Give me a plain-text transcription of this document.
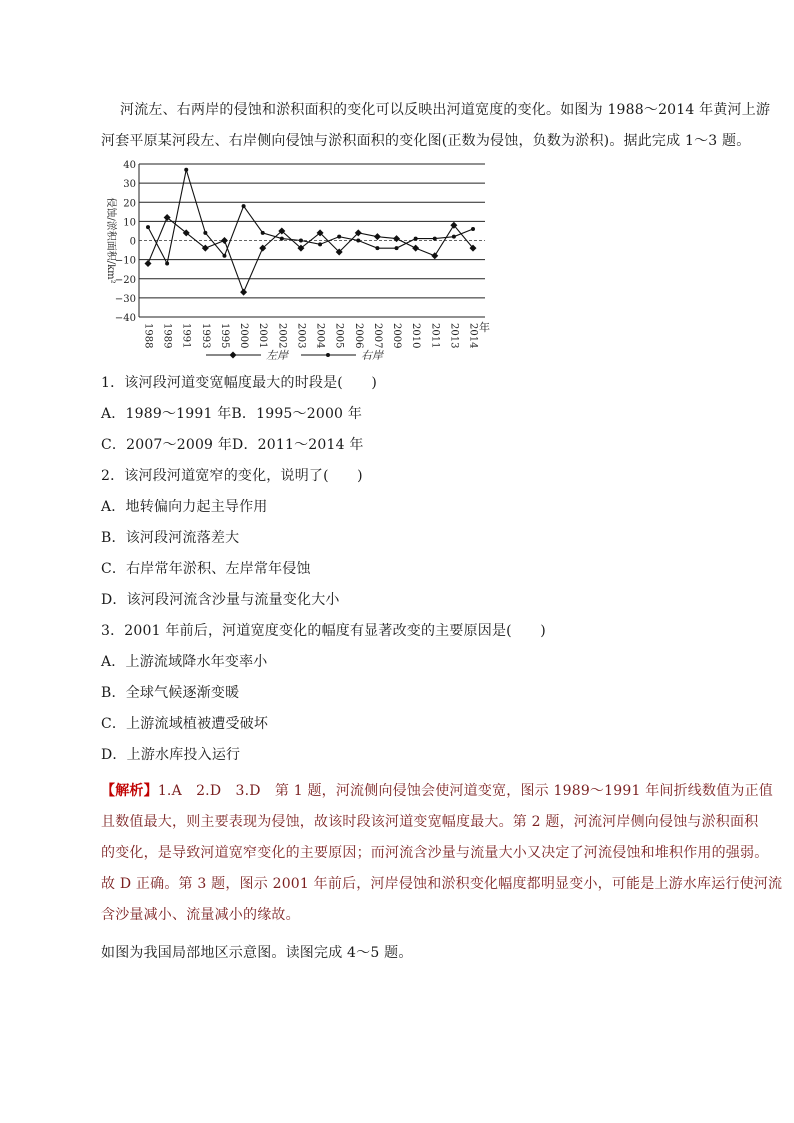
河流左、右两岸的侵蚀和淤积面积的变化可以反映出河道宽度的变化。如图为 1988～2014 年黄河上游
河套平原某河段左、右岸侧向侵蚀与淤积面积的变化图(正数为侵蚀，负数为淤积)。据此完成 1～3 题。
40
30
20
10
0
−10
−20
−30
−40
1988 1989 1991 1993 1995 2000 2001 2002 2003 2004 2005 2006 2007 2009 2010 2011 2013 2014
侵蚀/淤积面积/km²
年
左岸	右岸
1．该河段河道变宽幅度最大的时段是(　　)
A．1989～1991 年B．1995～2000 年
C．2007～2009 年D．2011～2014 年
2．该河段河道宽窄的变化，说明了(　　)
A．地转偏向力起主导作用
B．该河段河流落差大
C．右岸常年淤积、左岸常年侵蚀
D．该河段河流含沙量与流量变化大小
3．2001 年前后，河道宽度变化的幅度有显著改变的主要原因是(　　)
A．上游流域降水年变率小
B．全球气候逐渐变暖
C．上游流域植被遭受破坏
D．上游水库投入运行
【解析】1.A　2.D　3.D　第 1 题，河流侧向侵蚀会使河道变宽，图示 1989～1991 年间折线数值为正值
且数值最大，则主要表现为侵蚀，故该时段该河道变宽幅度最大。第 2 题，河流河岸侧向侵蚀与淤积面积
的变化，是导致河道宽窄变化的主要原因；而河流含沙量与流量大小又决定了河流侵蚀和堆积作用的强弱。
故 D 正确。第 3 题，图示 2001 年前后，河岸侵蚀和淤积变化幅度都明显变小，可能是上游水库运行使河流
含沙量减小、流量减小的缘故。
如图为我国局部地区示意图。读图完成 4～5 题。
